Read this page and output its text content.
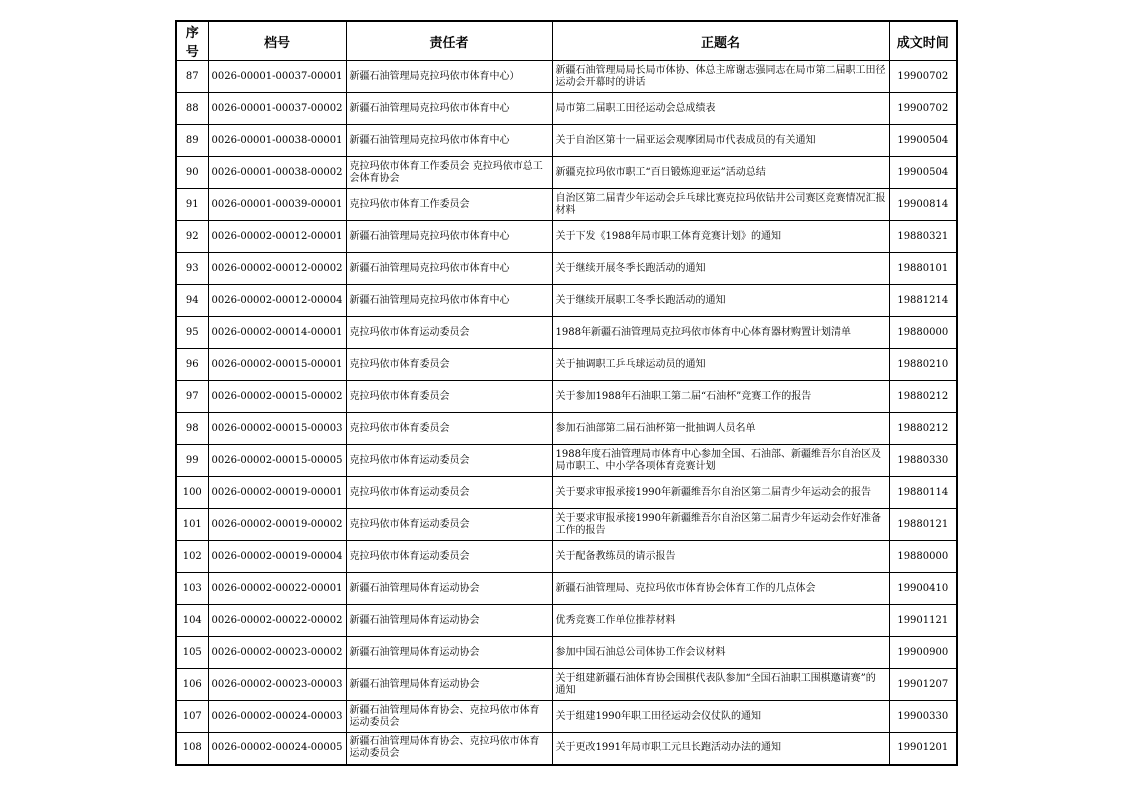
序号	档号	责任者	正题名	成文时间
87	0026-00001-00037-00001	新疆石油管理局克拉玛依市体育中心）	新疆石油管理局局长局市体协、体总主席谢志强同志在局市第二届职工田径运动会开幕时的讲话	19900702
88	0026-00001-00037-00002	新疆石油管理局克拉玛依市体育中心	局市第二届职工田径运动会总成绩表	19900702
89	0026-00001-00038-00001	新疆石油管理局克拉玛依市体育中心	关于自治区第十一届亚运会观摩团局市代表成员的有关通知	19900504
90	0026-00001-00038-00002	克拉玛依市体育工作委员会 克拉玛依市总工会体育协会	新疆克拉玛依市职工“百日锻炼迎亚运”活动总结	19900504
91	0026-00001-00039-00001	克拉玛依市体育工作委员会	自治区第二届青少年运动会乒乓球比赛克拉玛依钻井公司赛区竞赛情况汇报材料	19900814
92	0026-00002-00012-00001	新疆石油管理局克拉玛依市体育中心	关于下发《1988年局市职工体育竞赛计划》的通知	19880321
93	0026-00002-00012-00002	新疆石油管理局克拉玛依市体育中心	关于继续开展冬季长跑活动的通知	19880101
94	0026-00002-00012-00004	新疆石油管理局克拉玛依市体育中心	关于继续开展职工冬季长跑活动的通知	19881214
95	0026-00002-00014-00001	克拉玛依市体育运动委员会	1988年新疆石油管理局克拉玛依市体育中心体育器材购置计划清单	19880000
96	0026-00002-00015-00001	克拉玛依市体育委员会	关于抽调职工乒乓球运动员的通知	19880210
97	0026-00002-00015-00002	克拉玛依市体育委员会	关于参加1988年石油职工第二届“石油杯”竞赛工作的报告	19880212
98	0026-00002-00015-00003	克拉玛依市体育委员会	参加石油部第二届石油杯第一批抽调人员名单	19880212
99	0026-00002-00015-00005	克拉玛依市体育运动委员会	1988年度石油管理局市体育中心参加全国、石油部、新疆维吾尔自治区及局市职工、中小学各项体育竞赛计划	19880330
100	0026-00002-00019-00001	克拉玛依市体育运动委员会	关于要求审报承接1990年新疆维吾尔自治区第二届青少年运动会的报告	19880114
101	0026-00002-00019-00002	克拉玛依市体育运动委员会	关于要求审报承接1990年新疆维吾尔自治区第二届青少年运动会作好准备工作的报告	19880121
102	0026-00002-00019-00004	克拉玛依市体育运动委员会	关于配备教练员的请示报告	19880000
103	0026-00002-00022-00001	新疆石油管理局体育运动协会	新疆石油管理局、克拉玛依市体育协会体育工作的几点体会	19900410
104	0026-00002-00022-00002	新疆石油管理局体育运动协会	优秀竞赛工作单位推荐材料	19901121
105	0026-00002-00023-00002	新疆石油管理局体育运动协会	参加中国石油总公司体协工作会议材料	19900900
106	0026-00002-00023-00003	新疆石油管理局体育运动协会	关于组建新疆石油体育协会围棋代表队参加“全国石油职工围棋邀请赛”的通知	19901207
107	0026-00002-00024-00003	新疆石油管理局体育协会、克拉玛依市体育运动委员会	关于组建1990年职工田径运动会仪仗队的通知	19900330
108	0026-00002-00024-00005	新疆石油管理局体育协会、克拉玛依市体育运动委员会	关于更改1991年局市职工元旦长跑活动办法的通知	19901201
